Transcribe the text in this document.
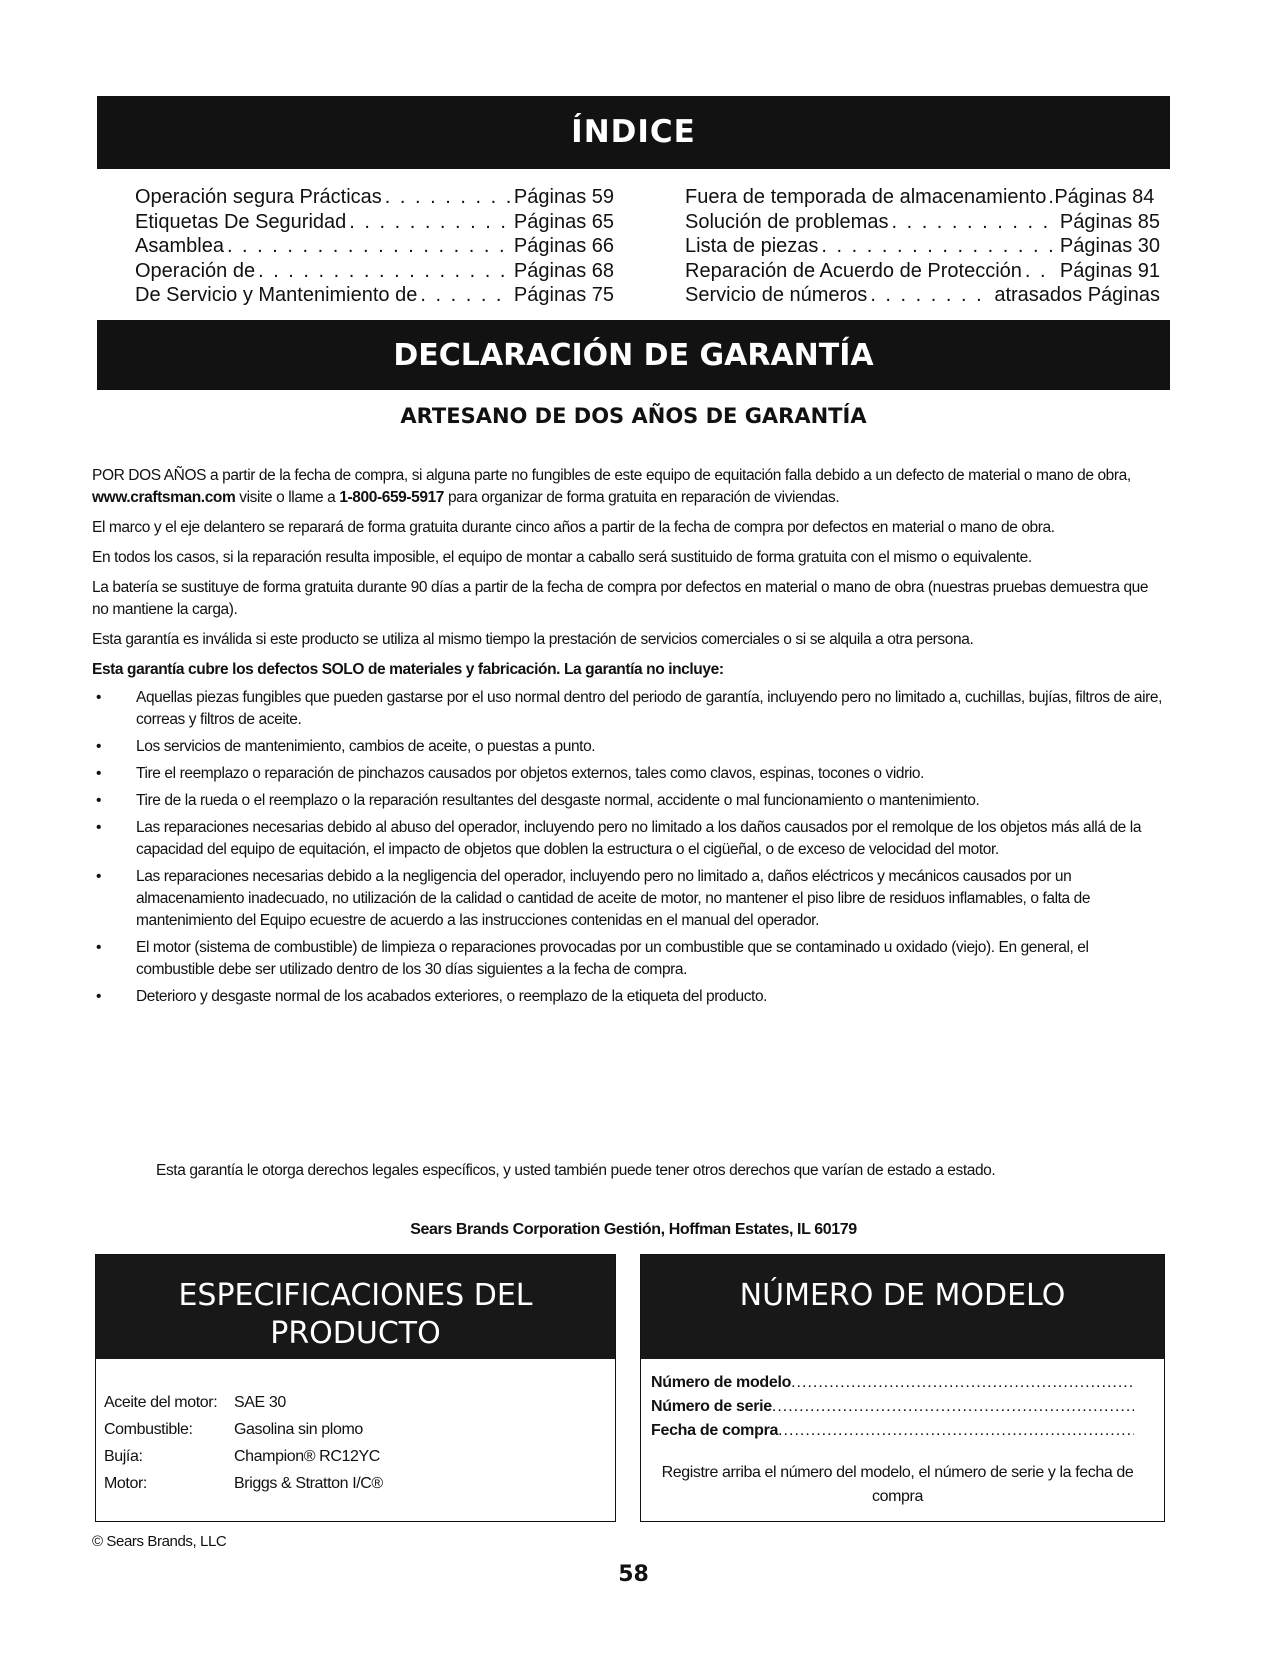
ÍNDICE
Operación segura Prácticas . . .	Páginas 59
Etiquetas De Seguridad . . .	Páginas 65
Asamblea . . .	Páginas 66
Operación de . . .	Páginas 68
De Servicio y Mantenimiento de . . .	Páginas 75
Fuera de temporada de almacenamiento . . . Páginas 84
Solución de problemas . . .	Páginas 85
Lista de piezas . . .	Páginas 30
Reparación de Acuerdo de Protección . . . Páginas 91
Servicio de números . . .	atrasados Páginas
DECLARACIÓN DE GARANTÍA
ARTESANO DE DOS AÑOS DE GARANTÍA

POR DOS AÑOS a partir de la fecha de compra, si alguna parte no fungibles de este equipo de equitación falla debido a un defecto de material o mano de obra, www.craftsman.com visite o llame a 1-800-659-5917 para organizar de forma gratuita en reparación de viviendas.

El marco y el eje delantero se reparará de forma gratuita durante cinco años a partir de la fecha de compra por defectos en material o mano de obra.

En todos los casos, si la reparación resulta imposible, el equipo de montar a caballo será sustituido de forma gratuita con el mismo o equivalente.

La batería se sustituye de forma gratuita durante 90 días a partir de la fecha de compra por defectos en material o mano de obra (nuestras pruebas demuestra que no mantiene la carga).

Esta garantía es inválida si este producto se utiliza al mismo tiempo la prestación de servicios comerciales o si se alquila a otra persona.

Esta garantía cubre los defectos SOLO de materiales y fabricación. La garantía no incluye:

• Aquellas piezas fungibles que pueden gastarse por el uso normal dentro del periodo de garantía, incluyendo pero no limitado a, cuchillas, bujías, filtros de aire, correas y filtros de aceite.
• Los servicios de mantenimiento, cambios de aceite, o puestas a punto.
• Tire el reemplazo o reparación de pinchazos causados por objetos externos, tales como clavos, espinas, tocones o vidrio.
• Tire de la rueda o el reemplazo o la reparación resultantes del desgaste normal, accidente o mal funcionamiento o mantenimiento.
• Las reparaciones necesarias debido al abuso del operador, incluyendo pero no limitado a los daños causados por el remolque de los objetos más allá de la capacidad del equipo de equitación, el impacto de objetos que doblen la estructura o el cigüeñal, o de exceso de velocidad del motor.
• Las reparaciones necesarias debido a la negligencia del operador, incluyendo pero no limitado a, daños eléctricos y mecánicos causados por un almacenamiento inadecuado, no utilización de la calidad o cantidad de aceite de motor, no mantener el piso libre de residuos inflamables, o falta de mantenimiento del Equipo ecuestre de acuerdo a las instrucciones contenidas en el manual del operador.
• El motor (sistema de combustible) de limpieza o reparaciones provocadas por un combustible que se contaminado u oxidado (viejo). En general, el combustible debe ser utilizado dentro de los 30 días siguientes a la fecha de compra.
• Deterioro y desgaste normal de los acabados exteriores, o reemplazo de la etiqueta del producto.
Esta garantía le otorga derechos legales específicos, y usted también puede tener otros derechos que varían de estado a estado.
Sears Brands Corporation Gestión, Hoffman Estates, IL 60179
ESPECIFICACIONES DEL
PRODUCTO
Aceite del motor:	SAE 30
Combustible:	Gasolina sin plomo
Bujía:	Champion® RC12YC
Motor:	Briggs & Stratton I/C®
NÚMERO DE MODELO
Número de modelo
.....
Número de serie
.....
Fecha de compra
.....
Registre arriba el número del modelo, el número de serie y la fecha de compra
© Sears Brands, LLC
58
